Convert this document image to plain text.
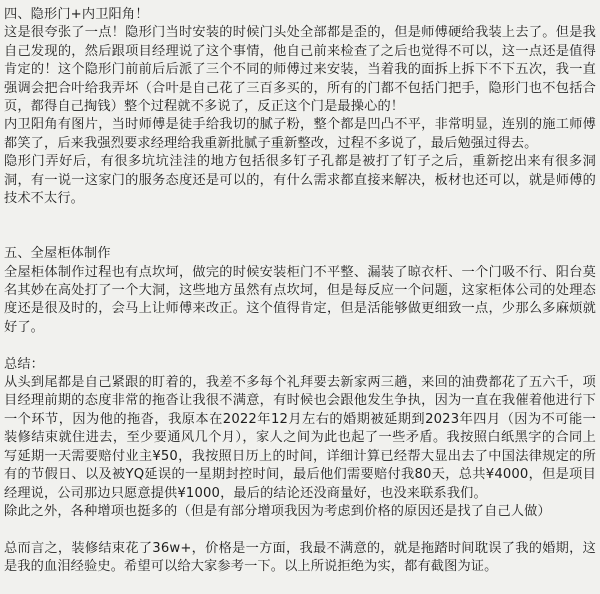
四、隐形门+内卫阳角！

这是很夸张了一点！隐形门当时安装的时候门头处全部都是歪的，但是师傅硬给我装上去了。但是我自己发现的，然后跟项目经理说了这个事情，他自己前来检查了之后也觉得不可以，这一点还是值得肯定的！这个隐形门前前后后派了三个不同的师傅过来安装，当着我的面拆上拆下不下五次，我一直强调会把合叶给我弄坏（合叶是自己花了三百多买的，所有的门都不包括门把手，隐形门也不包括合页，都得自己掏钱）整个过程就不多说了，反正这个门是最操心的！

内卫阳角有图片，当时师傅是徒手给我切的腻子粉，整个都是凹凸不平，非常明显，连别的施工师傅都笑了，后来我强烈要求经理给我重新批腻子重新整改，过程不多说了，最后勉强过得去。

隐形门弄好后，有很多坑坑洼洼的地方包括很多钉子孔都是被打了钉子之后，重新挖出来有很多洞洞，有一说一这家门的服务态度还是可以的，有什么需求都直接来解决，板材也还可以，就是师傅的技术不太行。

五、全屋柜体制作

全屋柜体制作过程也有点坎坷，做完的时候安装柜门不平整、漏装了晾衣杆、一个门吸不行、阳台莫名其妙在高处打了一个大洞，这些地方虽然有点坎坷，但是每反应一个问题，这家柜体公司的处理态度还是很及时的，会马上让师傅来改正。这个值得肯定，但是活能够做更细致一点，少那么多麻烦就好了。

总结：

从头到尾都是自己紧跟的盯着的，我差不多每个礼拜要去新家两三趟，来回的油费都花了五六千，项目经理前期的态度非常的拖沓让我很不满意，有时候也会跟他发生争执，因为一直在我催着他进行下一个环节，因为他的拖沓，我原本在2022年12月左右的婚期被延期到2023年四月（因为不可能一装修结束就住进去，至少要通风几个月），家人之间为此也起了一些矛盾。我按照白纸黑字的合同上写延期一天需要赔付业主¥50，我按照日历上的时间，详细计算已经帮大显出去了中国法律规定的所有的节假日、以及被YQ延误的一星期封控时间，最后他们需要赔付我80天，总共¥4000，但是项目经理说，公司那边只愿意提供¥1000，最后的结论还没商量好，也没来联系我们。

除此之外，各种增项也挺多的（但是有部分增项我因为考虑到价格的原因还是找了自己人做）

总而言之，装修结束花了36w+，价格是一方面，我最不满意的，就是拖踏时间耽误了我的婚期，这是我的血泪经验史。希望可以给大家参考一下。以上所说拒绝为实，都有截图为证。
